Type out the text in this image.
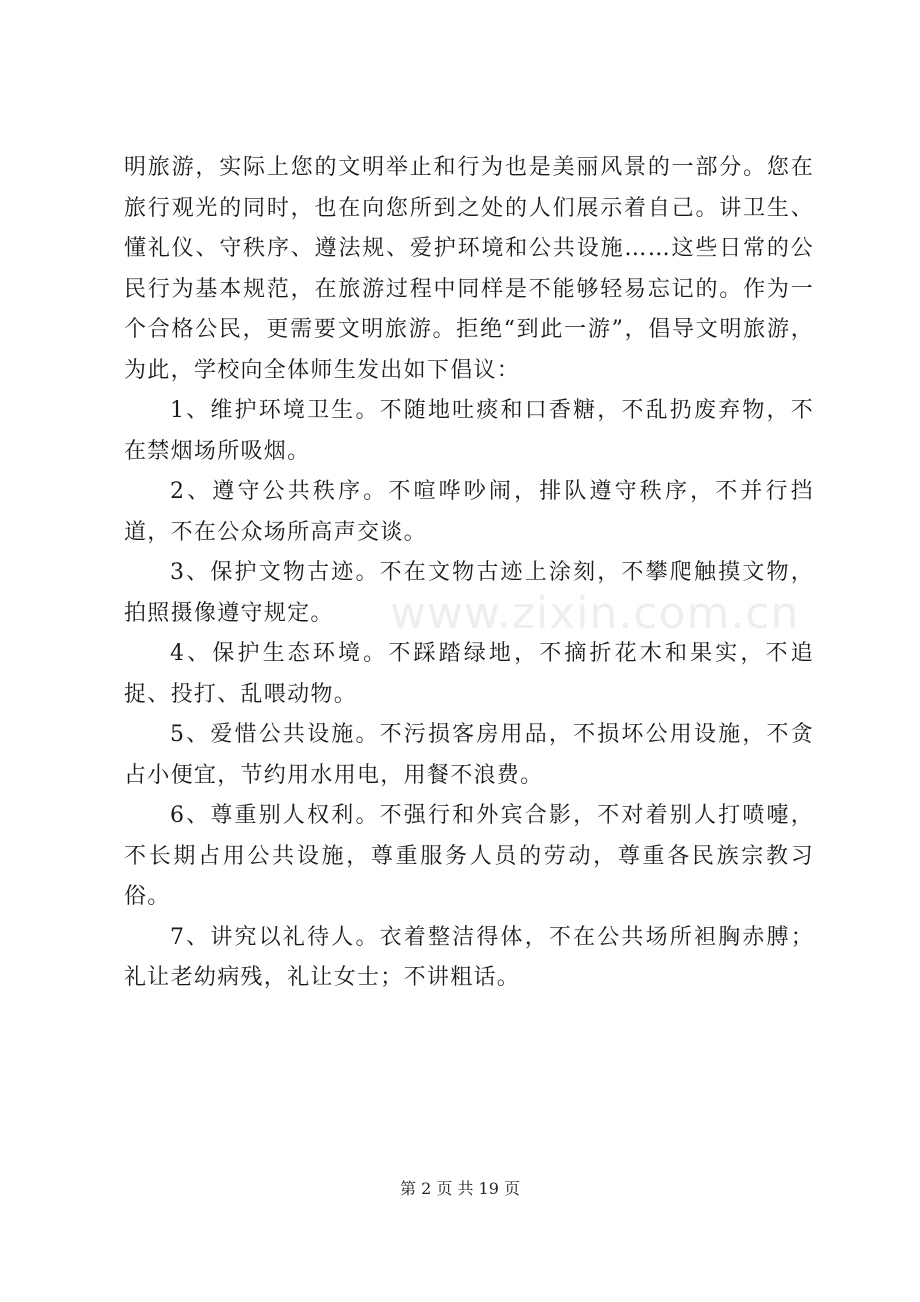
明旅游，实际上您的文明举止和行为也是美丽风景的一部分。您在旅行观光的同时，也在向您所到之处的人们展示着自己。讲卫生、懂礼仪、守秩序、遵法规、爱护环境和公共设施……这些日常的公民行为基本规范，在旅游过程中同样是不能够轻易忘记的。作为一个合格公民，更需要文明旅游。拒绝“到此一游”，倡导文明旅游，为此，学校向全体师生发出如下倡议：

1、维护环境卫生。不随地吐痰和口香糖，不乱扔废弃物，不在禁烟场所吸烟。

2、遵守公共秩序。不喧哗吵闹，排队遵守秩序，不并行挡道，不在公众场所高声交谈。

3、保护文物古迹。不在文物古迹上涂刻，不攀爬触摸文物，拍照摄像遵守规定。

4、保护生态环境。不踩踏绿地，不摘折花木和果实，不追捉、投打、乱喂动物。

5、爱惜公共设施。不污损客房用品，不损坏公用设施，不贪占小便宜，节约用水用电，用餐不浪费。

6、尊重别人权利。不强行和外宾合影，不对着别人打喷嚏，不长期占用公共设施，尊重服务人员的劳动，尊重各民族宗教习俗。

7、讲究以礼待人。衣着整洁得体，不在公共场所袒胸赤膊；礼让老幼病残，礼让女士；不讲粗话。

www.zixin.com.cn
第 2 页 共 19 页
